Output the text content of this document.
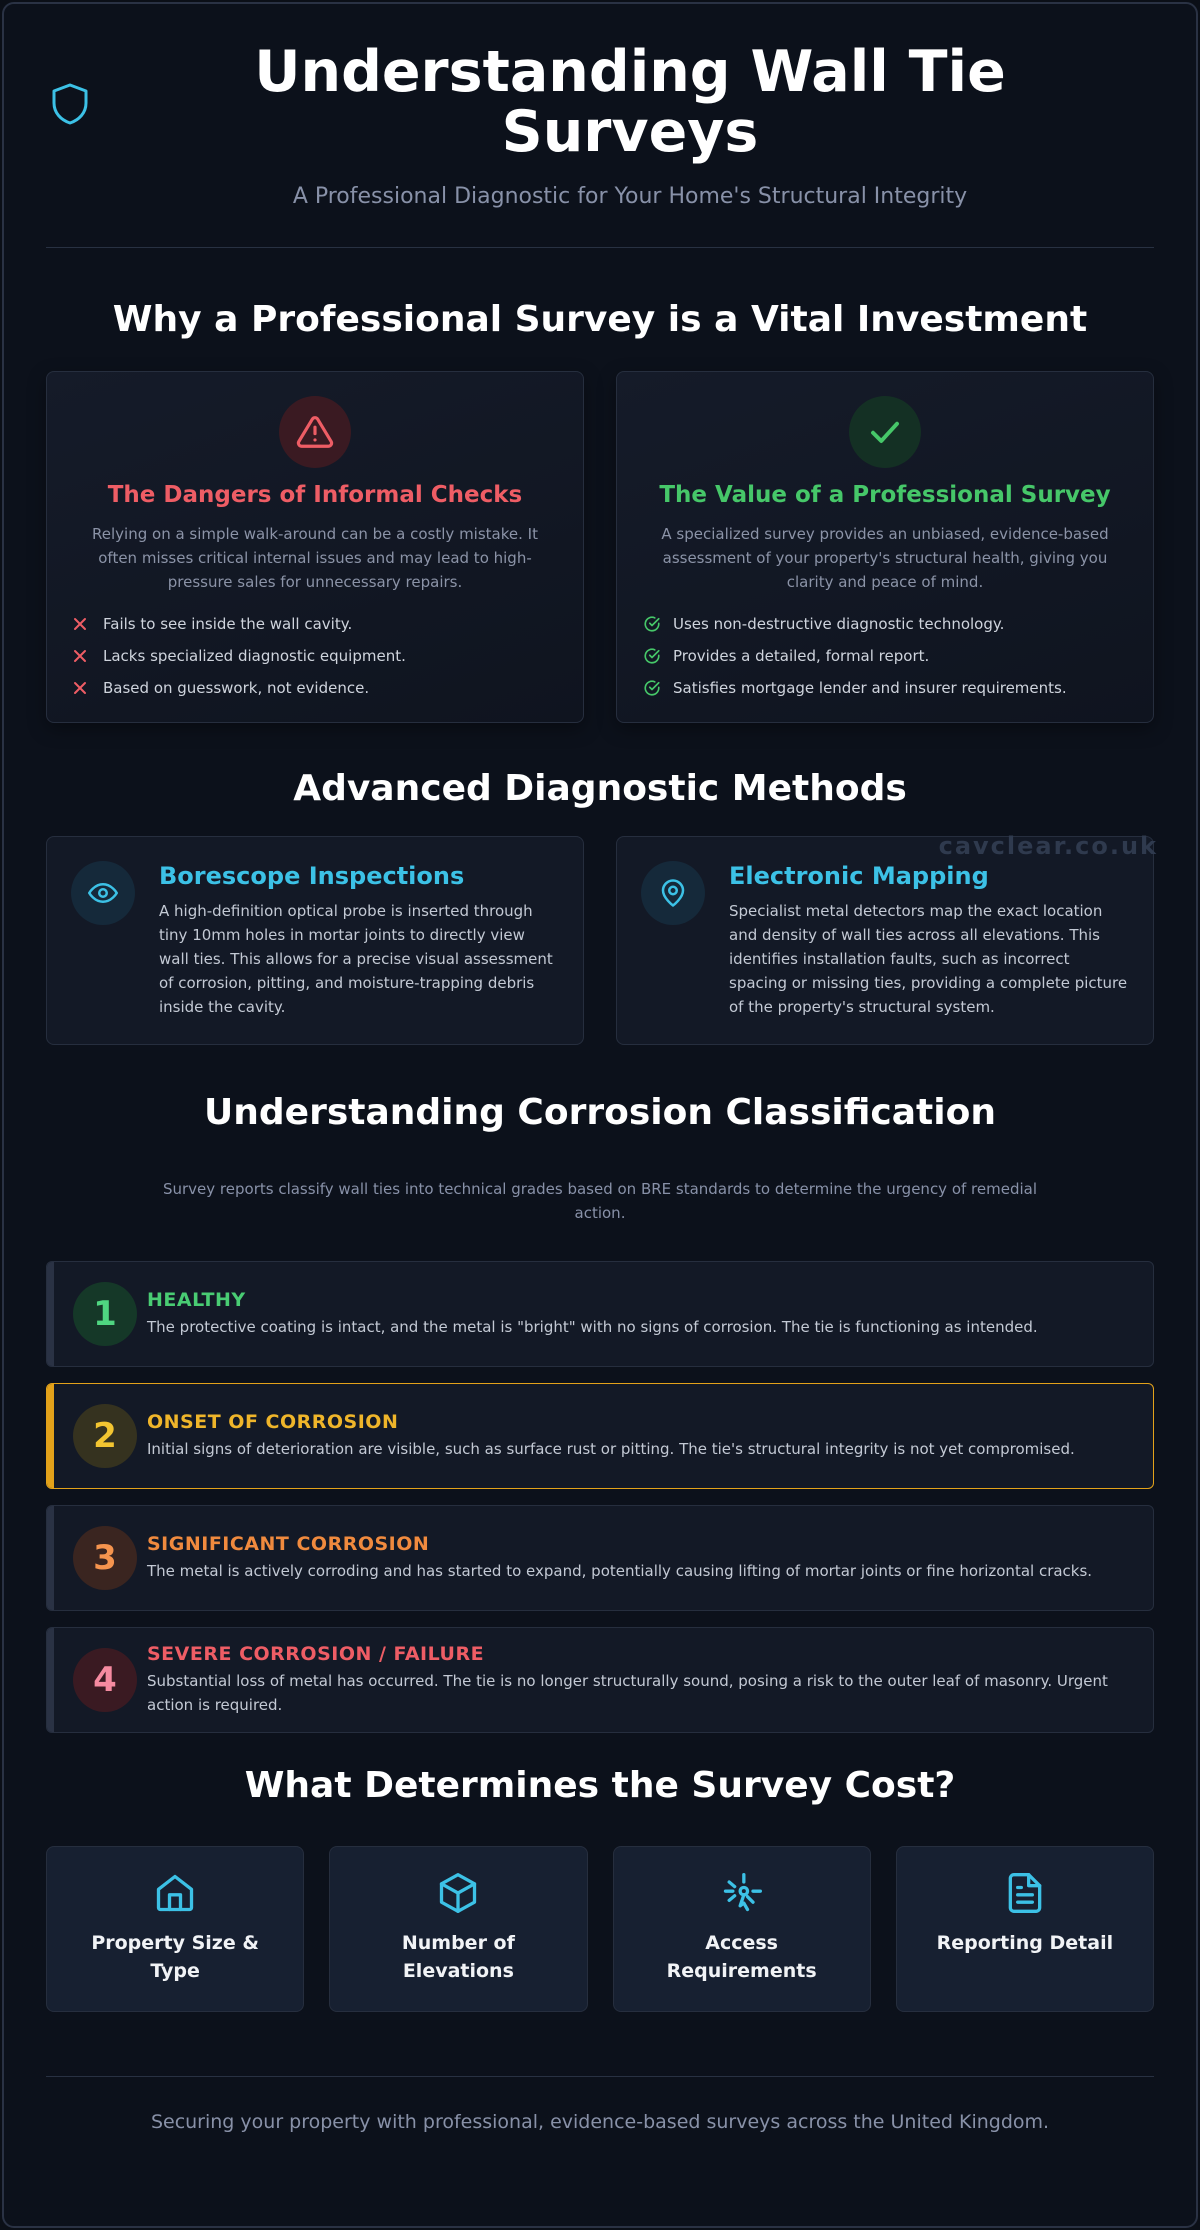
Understanding Wall Tie
Surveys
A Professional Diagnostic for Your Home's Structural Integrity
Why a Professional Survey is a Vital Investment
The Dangers of Informal Checks
Relying on a simple walk-around can be a costly mistake. It often misses critical internal issues and may lead to high-pressure sales for unnecessary repairs.
Fails to see inside the wall cavity.
Lacks specialized diagnostic equipment.
Based on guesswork, not evidence.
The Value of a Professional Survey
A specialized survey provides an unbiased, evidence-based assessment of your property's structural health, giving you clarity and peace of mind.
Uses non-destructive diagnostic technology.
Provides a detailed, formal report.
Satisfies mortgage lender and insurer requirements.
Advanced Diagnostic Methods
cavclear.co.uk
Borescope Inspections
A high-definition optical probe is inserted through tiny 10mm holes in mortar joints to directly view wall ties. This allows for a precise visual assessment of corrosion, pitting, and moisture-trapping debris inside the cavity.
Electronic Mapping
Specialist metal detectors map the exact location and density of wall ties across all elevations. This identifies installation faults, such as incorrect spacing or missing ties, providing a complete picture of the property's structural system.
Understanding Corrosion Classification
Survey reports classify wall ties into technical grades based on BRE standards to determine the urgency of remedial action.
1	HEALTHY
The protective coating is intact, and the metal is "bright" with no signs of corrosion. The tie is functioning as intended.
2	ONSET OF CORROSION
Initial signs of deterioration are visible, such as surface rust or pitting. The tie's structural integrity is not yet compromised.
3	SIGNIFICANT CORROSION
The metal is actively corroding and has started to expand, potentially causing lifting of mortar joints or fine horizontal cracks.
4
SEVERE CORROSION / FAILURE
Substantial loss of metal has occurred. The tie is no longer structurally sound, posing a risk to the outer leaf of masonry. Urgent action is required.
What Determines the Survey Cost?
Property Size & Type
Number of Elevations
Access Requirements
Reporting Detail
Securing your property with professional, evidence-based surveys across the United Kingdom.
